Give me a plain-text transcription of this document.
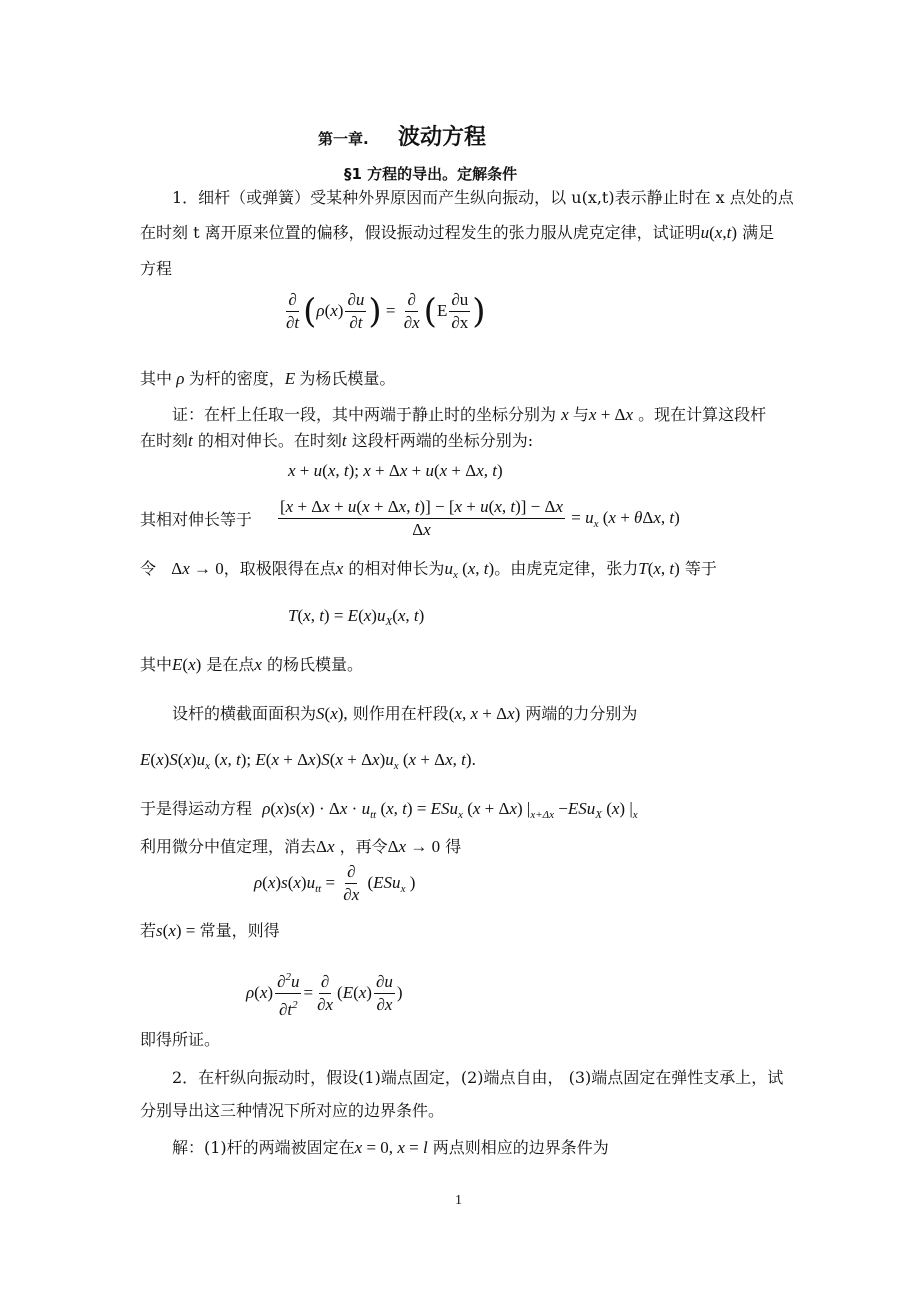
第一章. 波动方程
§1 方程的导出。定解条件
1．细杆（或弹簧）受某种外界原因而产生纵向振动，以 u(x,t)表示静止时在 x 点处的点
在时刻 t 离开原来位置的偏移，假设振动过程发生的张力服从虎克定律，试证明u(x,t) 满足
方程
$\frac{\partial}{\partial t} (\rho(x) \frac{\partial u}{\partial t}$ ) = $\frac{\partial}{\partial x} (E \frac{\partial u}{\partial x}$ )
其中 ρ 为杆的密度，E 为杨氏模量。
证：在杆上任取一段，其中两端于静止时的坐标分别为 x 与x + Δx 。现在计算这段杆
在时刻t 的相对伸长。在时刻t 这段杆两端的坐标分别为:
x + u(x, t); x + Δx + u(x + Δx, t)
其相对伸长等于 $\frac{[x + \Delta x + u(x + \Delta x, t)] - [x + u(x, t)] - \Delta x}{\Delta x} = u_x$ (x + θΔx, t)
令 Δx → 0，取极限得在点x 的相对伸长为$u_x$ (x, t)。由虎克定律，张力T(x, t) 等于
T(x, $t) = E(x)u_X(x$, t)
其中E(x) 是在点x 的杨氏模量。
设杆的横截面面积为S(x), 则作用在杆段(x, x + Δx) 两端的力分别为
$E(x)S(x)u_x$ (x, t); $E(x + \Delta x)S(x + \Delta x)u_x$ (x + Δx, t).
于是得运动方程 $\rho(x)s(x) \cdot \Delta x \cdot u_{tt}$ (x, t) = ESu$_x$ (x + Δx) $|_{x+\Delta x} -ESu_X$ (x) $|_x$
利用微分中值定理，消去Δx ，再令Δx → 0 得
$\rho(x)s(x)u_{tt} = \frac{\partial}{\partial x} (ESu_x$ )
若s(x) = 常量，则得
$\rho(x) \frac{\partial^2u}{\partial t^2} = \frac{\partial}{\partial x} (E(x) \frac{\partial u}{\partial x}$ )
即得所证。
2．在杆纵向振动时，假设(1)端点固定，(2)端点自由， (3)端点固定在弹性支承上，试
分别导出这三种情况下所对应的边界条件。
解：(1)杆的两端被固定在x = 0, x = l 两点则相应的边界条件为
1
